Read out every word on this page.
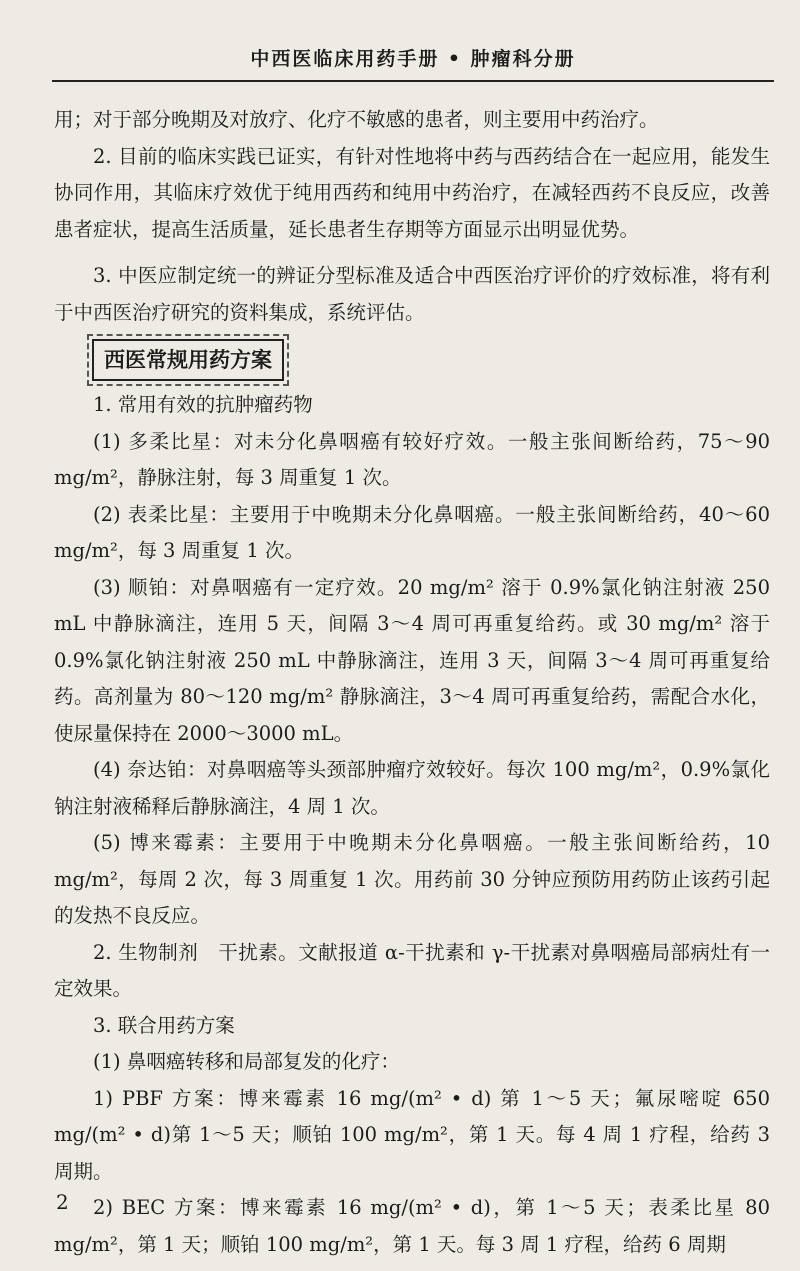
中西医临床用药手册 • 肿瘤科分册

用；对于部分晚期及对放疗、化疗不敏感的患者，则主要用中药治疗。

2. 目前的临床实践已证实，有针对性地将中药与西药结合在一起应用，能发生协同作用，其临床疗效优于纯用西药和纯用中药治疗，在减轻西药不良反应，改善患者症状，提高生活质量，延长患者生存期等方面显示出明显优势。

3. 中医应制定统一的辨证分型标准及适合中西医治疗评价的疗效标准，将有利于中西医治疗研究的资料集成，系统评估。

西医常规用药方案

1. 常用有效的抗肿瘤药物

(1) 多柔比星：对未分化鼻咽癌有较好疗效。一般主张间断给药，75～90 mg/m²，静脉注射，每 3 周重复 1 次。

(2) 表柔比星：主要用于中晚期未分化鼻咽癌。一般主张间断给药，40～60 mg/m²，每 3 周重复 1 次。

(3) 顺铂：对鼻咽癌有一定疗效。20 mg/m² 溶于 0.9%氯化钠注射液 250 mL 中静脉滴注，连用 5 天，间隔 3～4 周可再重复给药。或 30 mg/m² 溶于 0.9%氯化钠注射液 250 mL 中静脉滴注，连用 3 天，间隔 3～4 周可再重复给药。高剂量为 80～120 mg/m² 静脉滴注，3～4 周可再重复给药，需配合水化，使尿量保持在 2000～3000 mL。

(4) 奈达铂：对鼻咽癌等头颈部肿瘤疗效较好。每次 100 mg/m²，0.9%氯化钠注射液稀释后静脉滴注，4 周 1 次。

(5) 博来霉素：主要用于中晚期未分化鼻咽癌。一般主张间断给药，10 mg/m²，每周 2 次，每 3 周重复 1 次。用药前 30 分钟应预防用药防止该药引起的发热不良反应。

2. 生物制剂　干扰素。文献报道 α-干扰素和 γ-干扰素对鼻咽癌局部病灶有一定效果。

3. 联合用药方案

(1) 鼻咽癌转移和局部复发的化疗：

1) PBF 方案：博来霉素 16 mg/(m² • d) 第 1～5 天；氟尿嘧啶 650 mg/(m² • d)第 1～5 天；顺铂 100 mg/m²，第 1 天。每 4 周 1 疗程，给药 3 周期。

2) BEC 方案：博来霉素 16 mg/(m² • d)，第 1～5 天；表柔比星 80 mg/m²，第 1 天；顺铂 100 mg/m²，第 1 天。每 3 周 1 疗程，给药 6 周期

2
